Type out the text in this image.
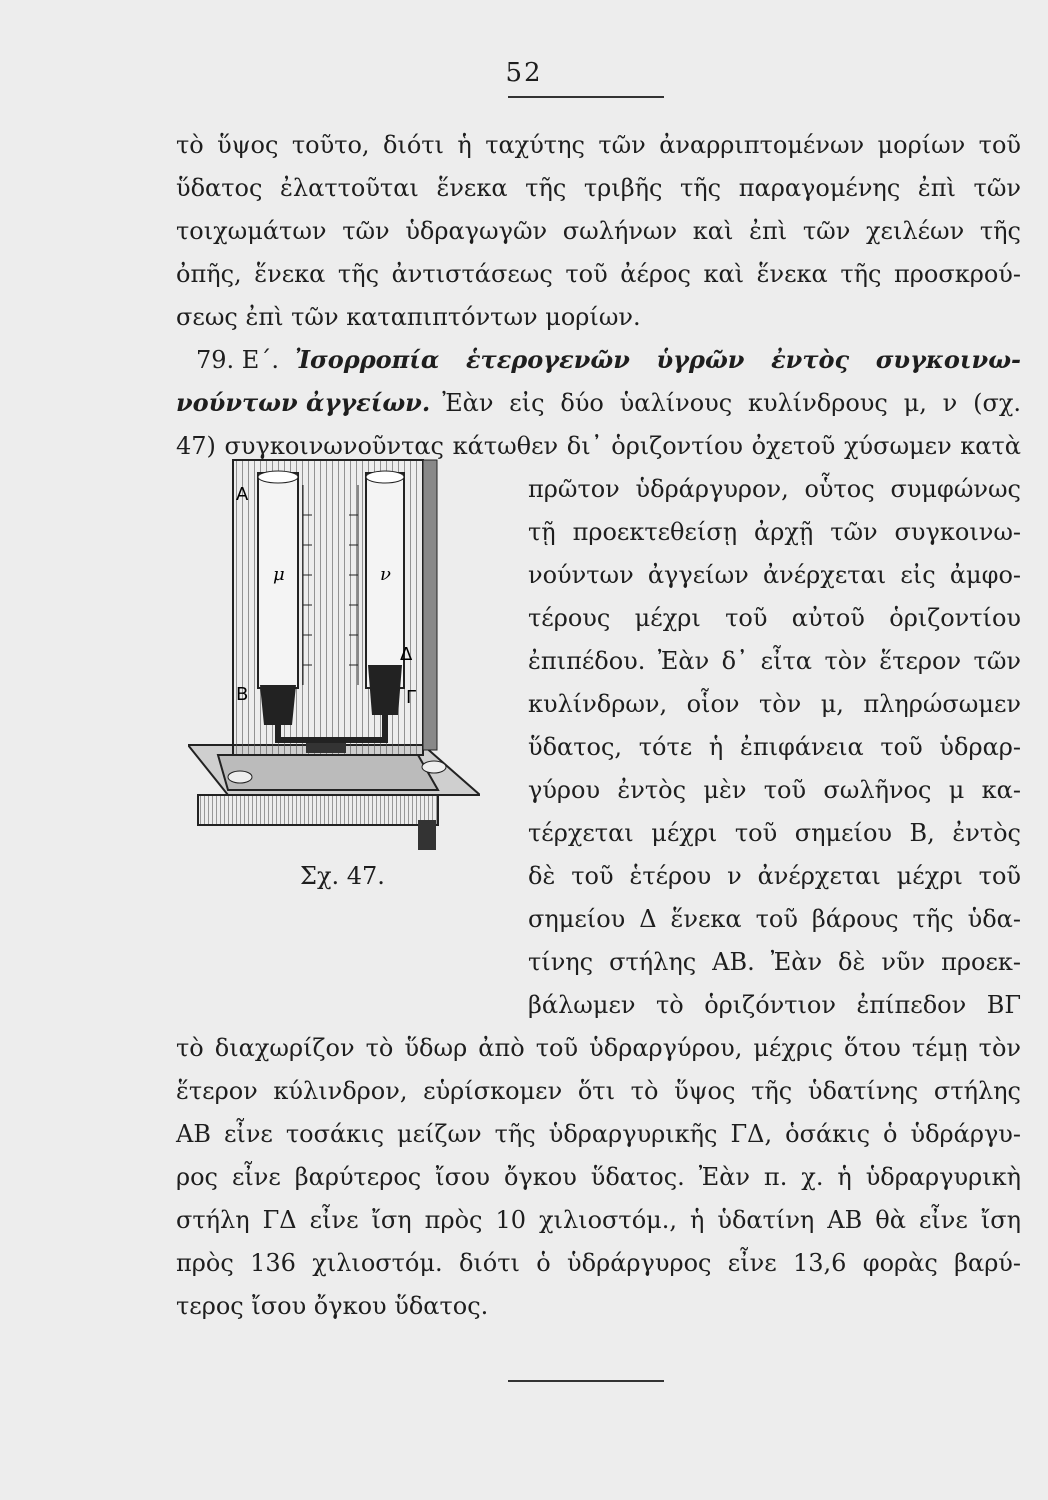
52
τὸ ὕψος τοῦτο, διότι ἡ ταχύτης τῶν ἀναρριπτομένων μορίων τοῦ
ὕδατος ἐλαττοῦται ἕνεκα τῆς τριβῆς τῆς παραγομένης ἐπὶ τῶν
τοιχωμάτων τῶν ὑδραγωγῶν σωλήνων καὶ ἐπὶ τῶν χειλέων τῆς
ὀπῆς, ἕνεκα τῆς ἀντιστάσεως τοῦ ἀέρος καὶ ἕνεκα τῆς προσκρού-
σεως ἐπὶ τῶν καταπιπτόντων μορίων.
79. Ε΄. Ἰσορροπία ἑτερογενῶν ὑγρῶν ἐντὸς συγκοινω-
νούντων ἀγγείων. Ἐὰν εἰς δύο ὑαλίνους κυλίνδρους μ, ν (σχ.
47) συγκοινωνοῦντας κάτωθεν δι᾽ ὁριζοντίου ὀχετοῦ χύσωμεν κατὰ
πρῶτον ὑδράργυρον, οὗτος συμφώνως
τῇ προεκτεθείσῃ ἀρχῇ τῶν συγκοινω-
νούντων ἀγγείων ἀνέρχεται εἰς ἀμφο-
τέρους μέχρι τοῦ αὐτοῦ ὁριζοντίου
ἐπιπέδου. Ἐὰν δ᾽ εἶτα τὸν ἕτερον τῶν
κυλίνδρων, οἷον τὸν μ, πληρώσωμεν
ὕδατος, τότε ἡ ἐπιφάνεια τοῦ ὑδραρ-
γύρου ἐντὸς μὲν τοῦ σωλῆνος μ κα-
τέρχεται μέχρι τοῦ σημείου Β, ἐντὸς
δὲ τοῦ ἑτέρου ν ἀνέρχεται μέχρι τοῦ
σημείου Δ ἕνεκα τοῦ βάρους τῆς ὑδα-
τίνης στήλης ΑΒ. Ἐὰν δὲ νῦν προεκ-
βάλωμεν τὸ ὁριζόντιον ἐπίπεδον ΒΓ
τὸ διαχωρίζον τὸ ὕδωρ ἀπὸ τοῦ ὑδραργύρου, μέχρις ὅτου τέμῃ τὸν
ἕτερον κύλινδρον, εὑρίσκομεν ὅτι τὸ ὕψος τῆς ὑδατίνης στήλης
ΑΒ εἶνε τοσάκις μείζων τῆς ὑδραργυρικῆς ΓΔ, ὁσάκις ὁ ὑδράργυ-
ρος εἶνε βαρύτερος ἴσου ὄγκου ὕδατος. Ἐὰν π. χ. ἡ ὑδραργυρικὴ
στήλη ΓΔ εἶνε ἴση πρὸς 10 χιλιοστόμ., ἡ ὑδατίνη ΑΒ θὰ εἶνε ἴση
πρὸς 136 χιλιοστόμ. διότι ὁ ὑδράργυρος εἶνε 13,6 φορὰς βαρύ-
τερος ἴσου ὄγκου ὕδατος.
Α
Β
μ	ν
Δ
Γ
Σχ. 47.
